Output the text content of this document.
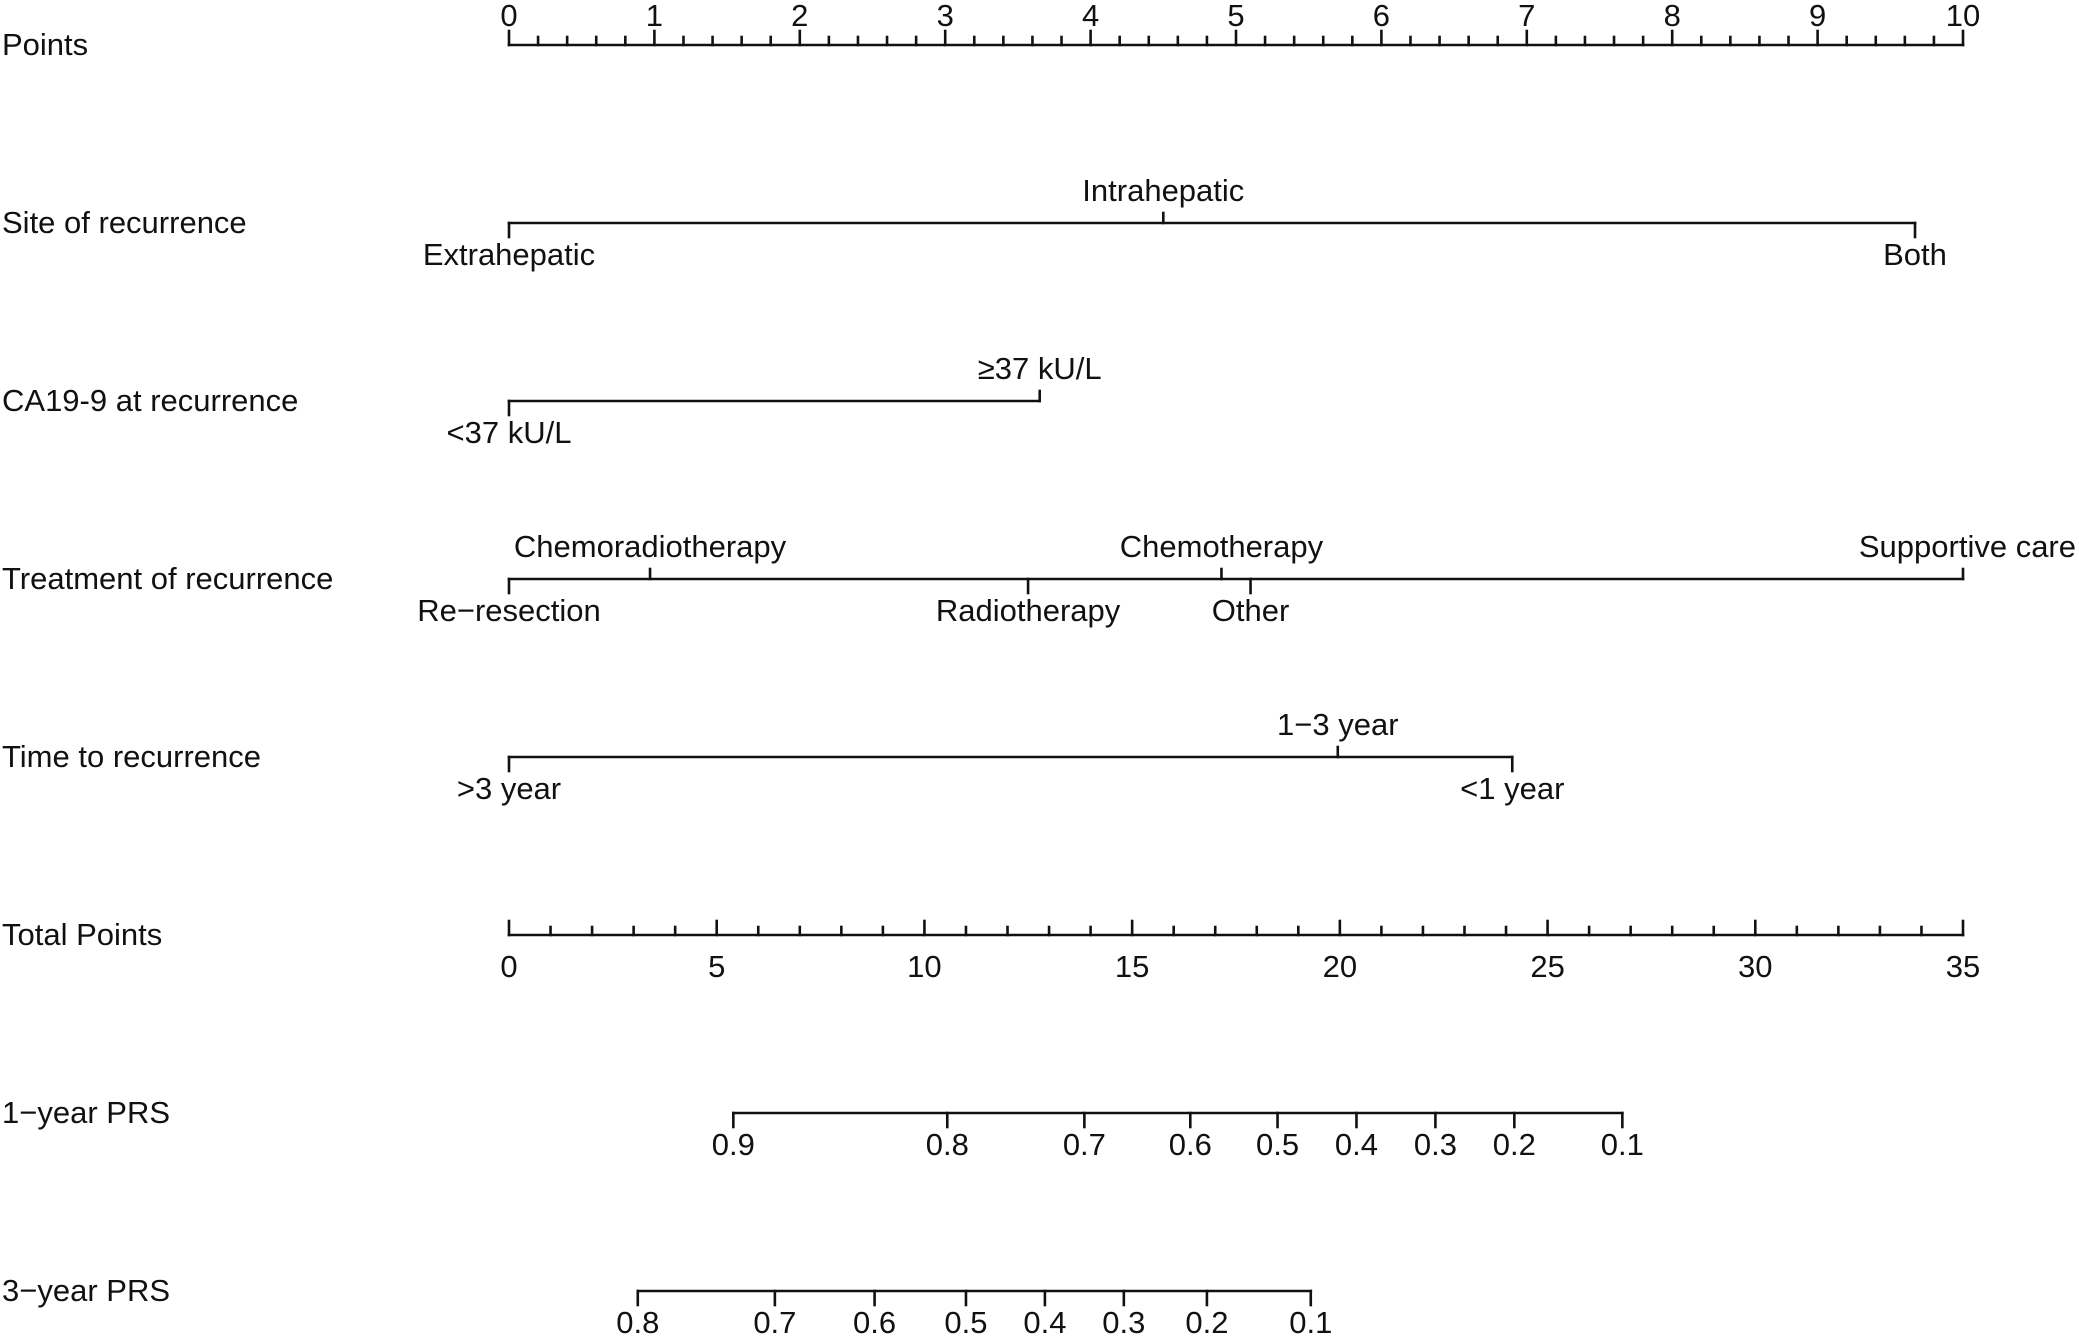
Points
0	1	2	3	4	5	6	7	8	9	10
Site of recurrence
Extrahepatic
Intrahepatic
Both
CA19-9 at recurrence
<37 kU/L
≥37 kU/L
Treatment of recurrence
Re−resection
Chemoradiotherapy
Radiotherapy
Chemotherapy
Other
Supportive care
Time to recurrence
>3 year
1−3 year
<1 year
Total Points
0	5	10	15	20	25	30	35
1−year PRS
0.9	0.8	0.7 0.6 0.5 0.4 0.3 0.2 0.1
3−year PRS
0.8	0.7 0.6 0.5 0.4 0.3 0.2 0.1
